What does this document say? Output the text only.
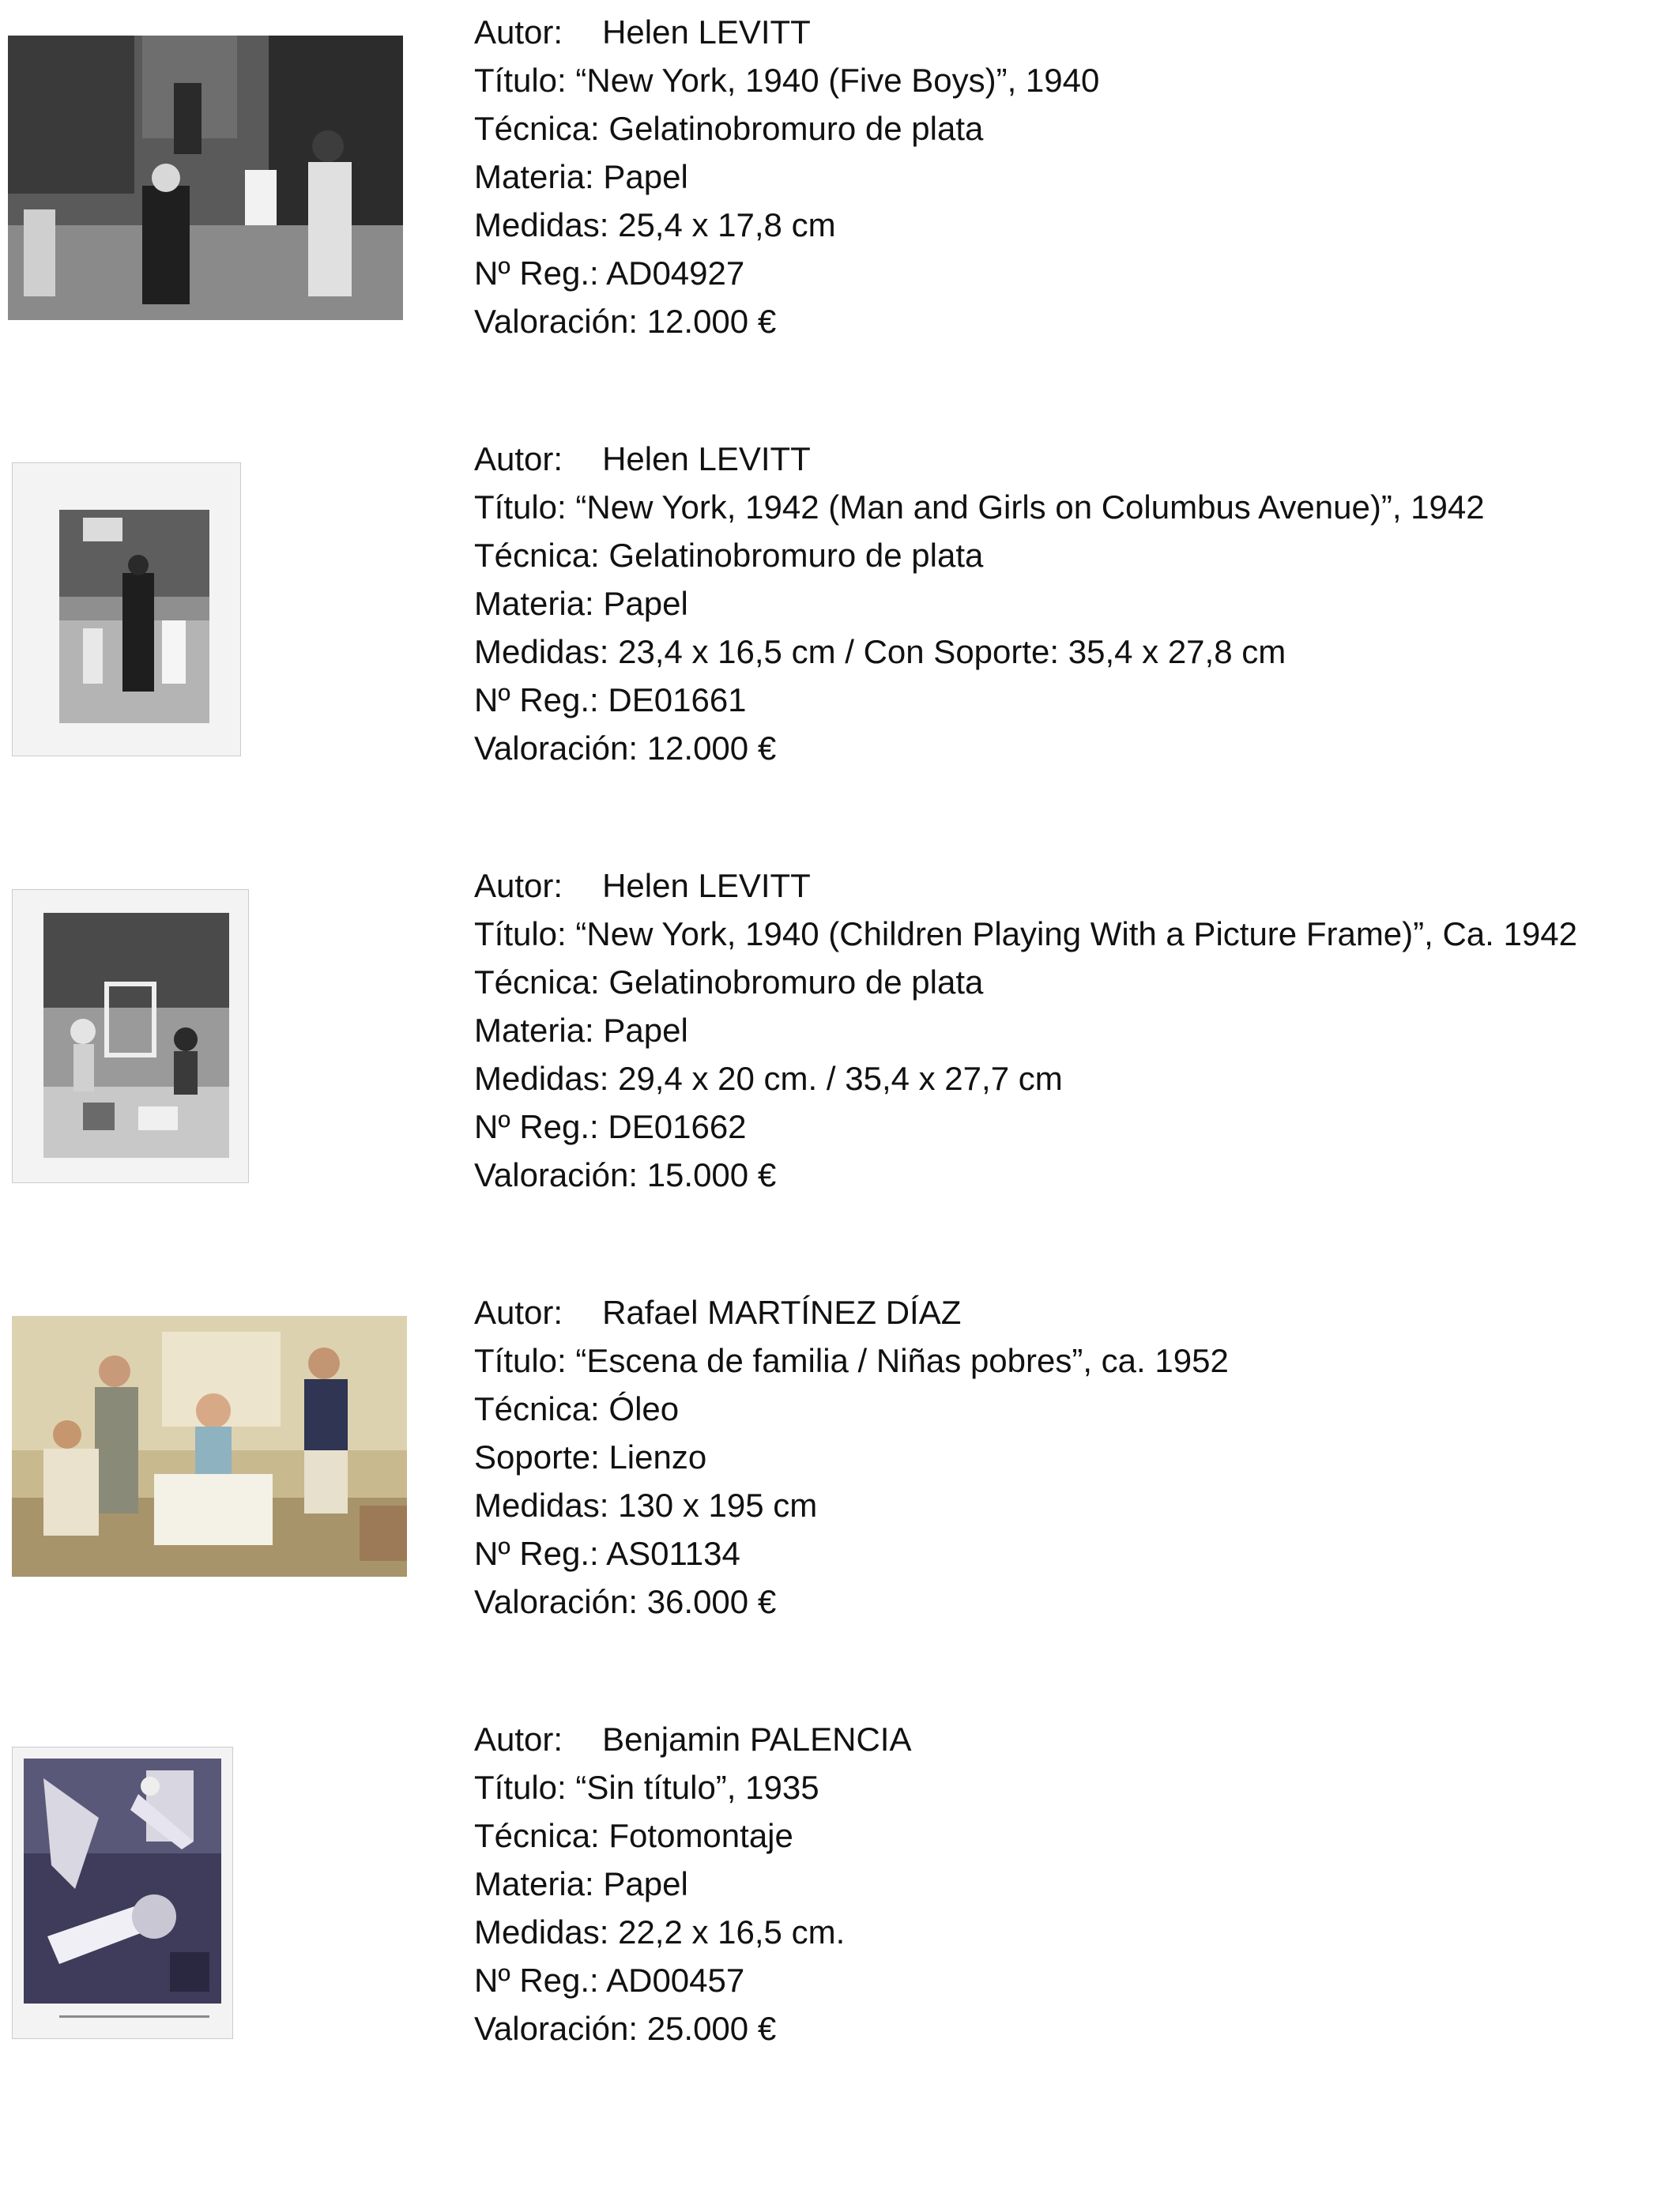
Autor: Helen LEVITT
Título: “New York, 1940 (Five Boys)”, 1940
Técnica: Gelatinobromuro de plata
Materia: Papel
Medidas: 25,4 x 17,8 cm
Nº Reg.: AD04927
Valoración: 12.000 €
Autor: Helen LEVITT
Título: “New York, 1942 (Man and Girls on Columbus Avenue)”, 1942
Técnica: Gelatinobromuro de plata
Materia: Papel
Medidas: 23,4 x 16,5 cm / Con Soporte: 35,4 x 27,8 cm
Nº Reg.: DE01661
Valoración: 12.000 €
Autor: Helen LEVITT
Título: “New York, 1940 (Children Playing With a Picture Frame)”, Ca. 1942
Técnica: Gelatinobromuro de plata
Materia: Papel
Medidas: 29,4 x 20 cm. / 35,4 x 27,7 cm
Nº Reg.: DE01662
Valoración: 15.000 €
Autor: Rafael MARTÍNEZ DÍAZ
Título: “Escena de familia / Niñas pobres”, ca. 1952
Técnica: Óleo
Soporte: Lienzo
Medidas: 130 x 195 cm
Nº Reg.: AS01134
Valoración: 36.000 €
Autor: Benjamin PALENCIA
Título: “Sin título”, 1935
Técnica: Fotomontaje
Materia: Papel
Medidas: 22,2 x 16,5 cm.
Nº Reg.: AD00457
Valoración: 25.000 €
